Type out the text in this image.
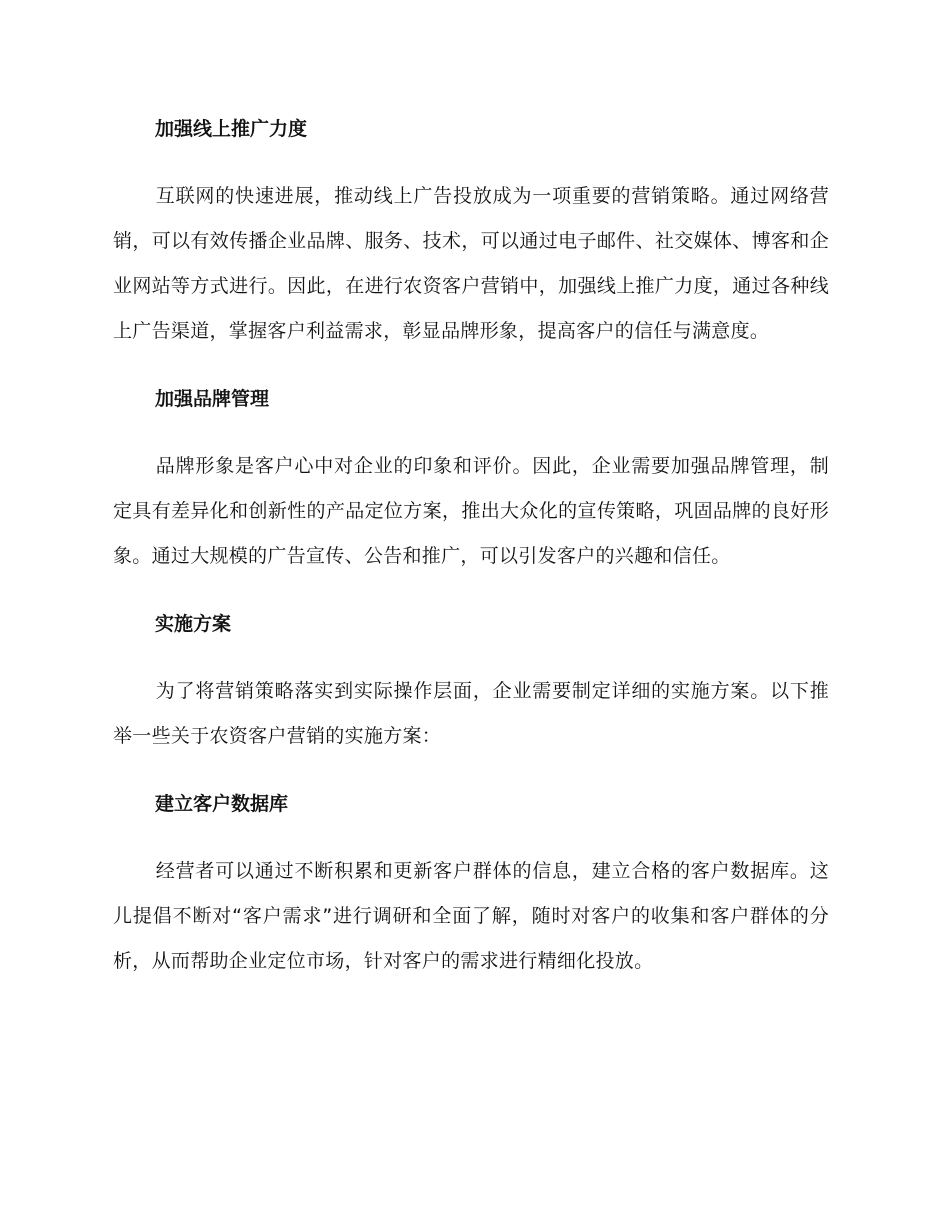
加强线上推广力度

互联网的快速进展，推动线上广告投放成为一项重要的营销策略。通过网络营销，可以有效传播企业品牌、服务、技术，可以通过电子邮件、社交媒体、博客和企业网站等方式进行。因此，在进行农资客户营销中，加强线上推广力度，通过各种线上广告渠道，掌握客户利益需求，彰显品牌形象，提高客户的信任与满意度。

加强品牌管理

品牌形象是客户心中对企业的印象和评价。因此，企业需要加强品牌管理，制定具有差异化和创新性的产品定位方案，推出大众化的宣传策略，巩固品牌的良好形象。通过大规模的广告宣传、公告和推广，可以引发客户的兴趣和信任。

实施方案

为了将营销策略落实到实际操作层面，企业需要制定详细的实施方案。以下推举一些关于农资客户营销的实施方案：

建立客户数据库

经营者可以通过不断积累和更新客户群体的信息，建立合格的客户数据库。这儿提倡不断对“客户需求”进行调研和全面了解，随时对客户的收集和客户群体的分析，从而帮助企业定位市场，针对客户的需求进行精细化投放。
